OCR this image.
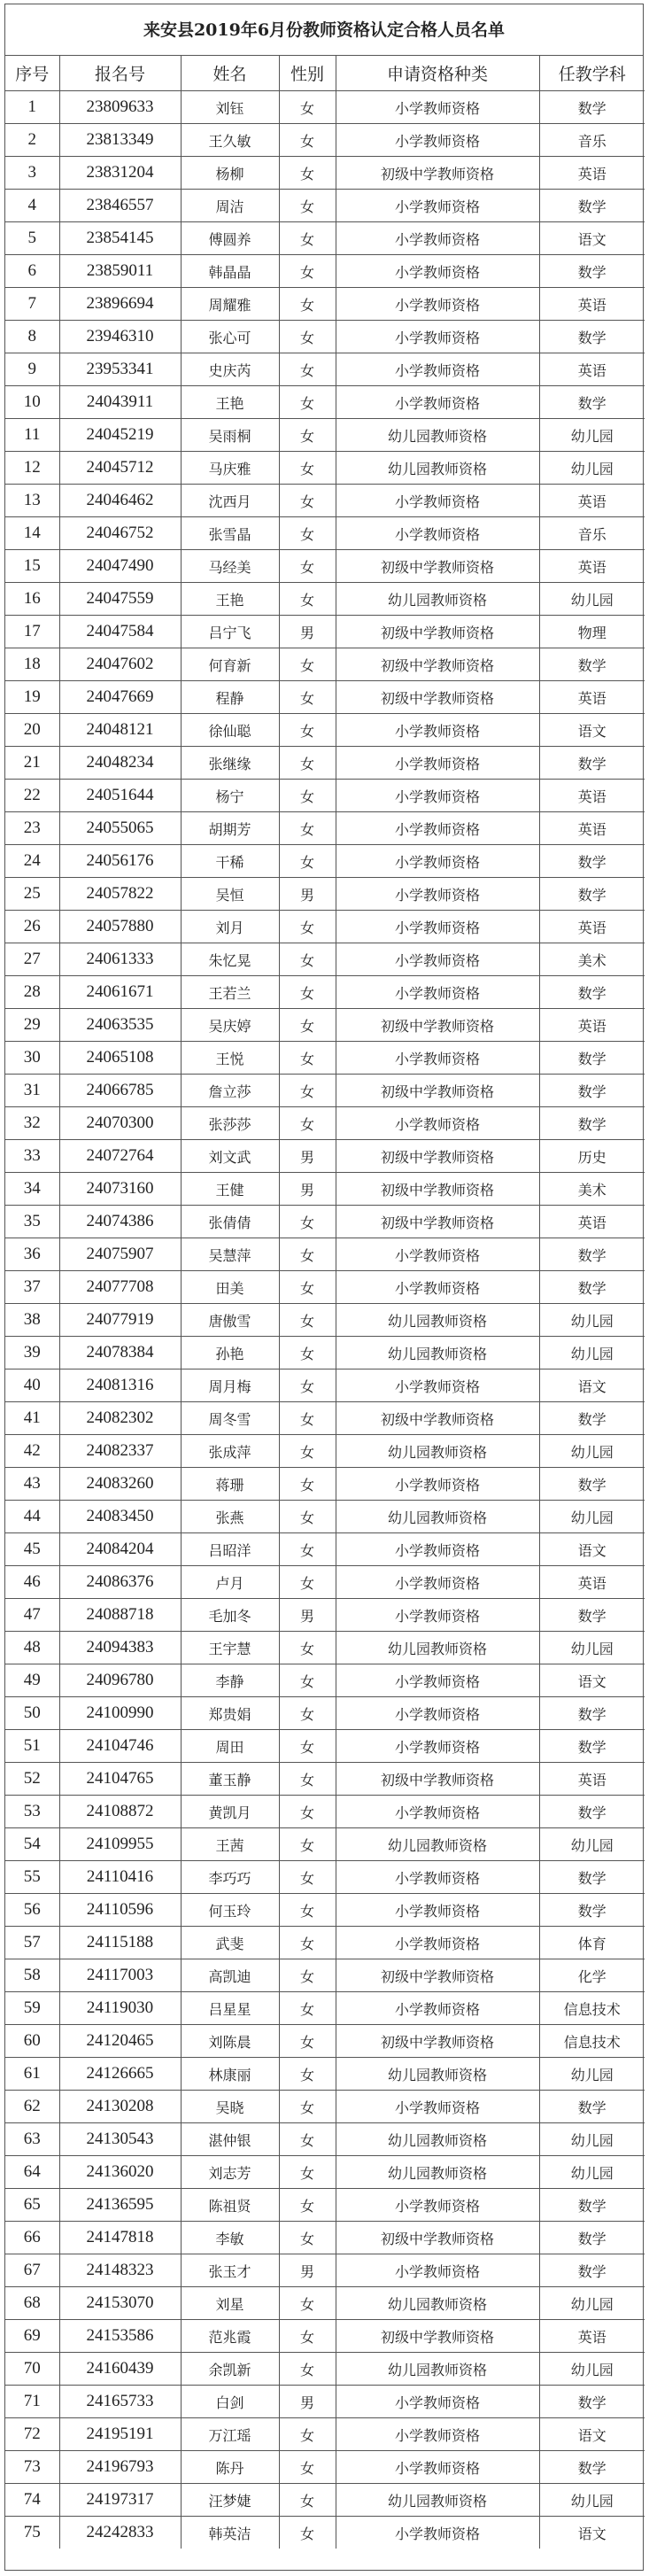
来安县2019年6月份教师资格认定合格人员名单
序号	报名号	姓名	性别	申请资格种类	任教学科
1	23809633	刘钰	女	小学教师资格	数学
2	23813349	王久敏	女	小学教师资格	音乐
3	23831204	杨柳	女	初级中学教师资格	英语
4	23846557	周洁	女	小学教师资格	数学
5	23854145	傅圆养	女	小学教师资格	语文
6	23859011	韩晶晶	女	小学教师资格	数学
7	23896694	周耀雅	女	小学教师资格	英语
8	23946310	张心可	女	小学教师资格	数学
9	23953341	史庆芮	女	小学教师资格	英语
10	24043911	王艳	女	小学教师资格	数学
11	24045219	吴雨桐	女	幼儿园教师资格	幼儿园
12	24045712	马庆雅	女	幼儿园教师资格	幼儿园
13	24046462	沈西月	女	小学教师资格	英语
14	24046752	张雪晶	女	小学教师资格	音乐
15	24047490	马经美	女	初级中学教师资格	英语
16	24047559	王艳	女	幼儿园教师资格	幼儿园
17	24047584	吕宁飞	男	初级中学教师资格	物理
18	24047602	何育新	女	初级中学教师资格	数学
19	24047669	程静	女	初级中学教师资格	英语
20	24048121	徐仙聪	女	小学教师资格	语文
21	24048234	张继缘	女	小学教师资格	数学
22	24051644	杨宁	女	小学教师资格	英语
23	24055065	胡期芳	女	小学教师资格	英语
24	24056176	干稀	女	小学教师资格	数学
25	24057822	吴恒	男	小学教师资格	数学
26	24057880	刘月	女	小学教师资格	英语
27	24061333	朱忆晃	女	小学教师资格	美术
28	24061671	王若兰	女	小学教师资格	数学
29	24063535	吴庆婷	女	初级中学教师资格	英语
30	24065108	王悦	女	小学教师资格	数学
31	24066785	詹立莎	女	初级中学教师资格	数学
32	24070300	张莎莎	女	小学教师资格	数学
33	24072764	刘文武	男	初级中学教师资格	历史
34	24073160	王健	男	初级中学教师资格	美术
35	24074386	张倩倩	女	初级中学教师资格	英语
36	24075907	吴慧萍	女	小学教师资格	数学
37	24077708	田美	女	小学教师资格	数学
38	24077919	唐傲雪	女	幼儿园教师资格	幼儿园
39	24078384	孙艳	女	幼儿园教师资格	幼儿园
40	24081316	周月梅	女	小学教师资格	语文
41	24082302	周冬雪	女	初级中学教师资格	数学
42	24082337	张成萍	女	幼儿园教师资格	幼儿园
43	24083260	蒋珊	女	小学教师资格	数学
44	24083450	张燕	女	幼儿园教师资格	幼儿园
45	24084204	吕昭洋	女	小学教师资格	语文
46	24086376	卢月	女	小学教师资格	英语
47	24088718	毛加冬	男	小学教师资格	数学
48	24094383	王宇慧	女	幼儿园教师资格	幼儿园
49	24096780	李静	女	小学教师资格	语文
50	24100990	郑贵娟	女	小学教师资格	数学
51	24104746	周田	女	小学教师资格	数学
52	24104765	董玉静	女	初级中学教师资格	英语
53	24108872	黄凯月	女	小学教师资格	数学
54	24109955	王茜	女	幼儿园教师资格	幼儿园
55	24110416	李巧巧	女	小学教师资格	数学
56	24110596	何玉玲	女	小学教师资格	数学
57	24115188	武斐	女	小学教师资格	体育
58	24117003	高凯迪	女	初级中学教师资格	化学
59	24119030	吕星星	女	小学教师资格	信息技术
60	24120465	刘陈晨	女	初级中学教师资格	信息技术
61	24126665	林康丽	女	幼儿园教师资格	幼儿园
62	24130208	吴晓	女	小学教师资格	数学
63	24130543	湛仲银	女	幼儿园教师资格	幼儿园
64	24136020	刘志芳	女	幼儿园教师资格	幼儿园
65	24136595	陈祖贤	女	小学教师资格	数学
66	24147818	李敏	女	初级中学教师资格	数学
67	24148323	张玉才	男	小学教师资格	数学
68	24153070	刘星	女	幼儿园教师资格	幼儿园
69	24153586	范兆霞	女	初级中学教师资格	英语
70	24160439	余凯新	女	幼儿园教师资格	幼儿园
71	24165733	白剑	男	小学教师资格	数学
72	24195191	万江瑶	女	小学教师资格	语文
73	24196793	陈丹	女	小学教师资格	数学
74	24197317	汪梦婕	女	幼儿园教师资格	幼儿园
75	24242833	韩英洁	女	小学教师资格	语文
